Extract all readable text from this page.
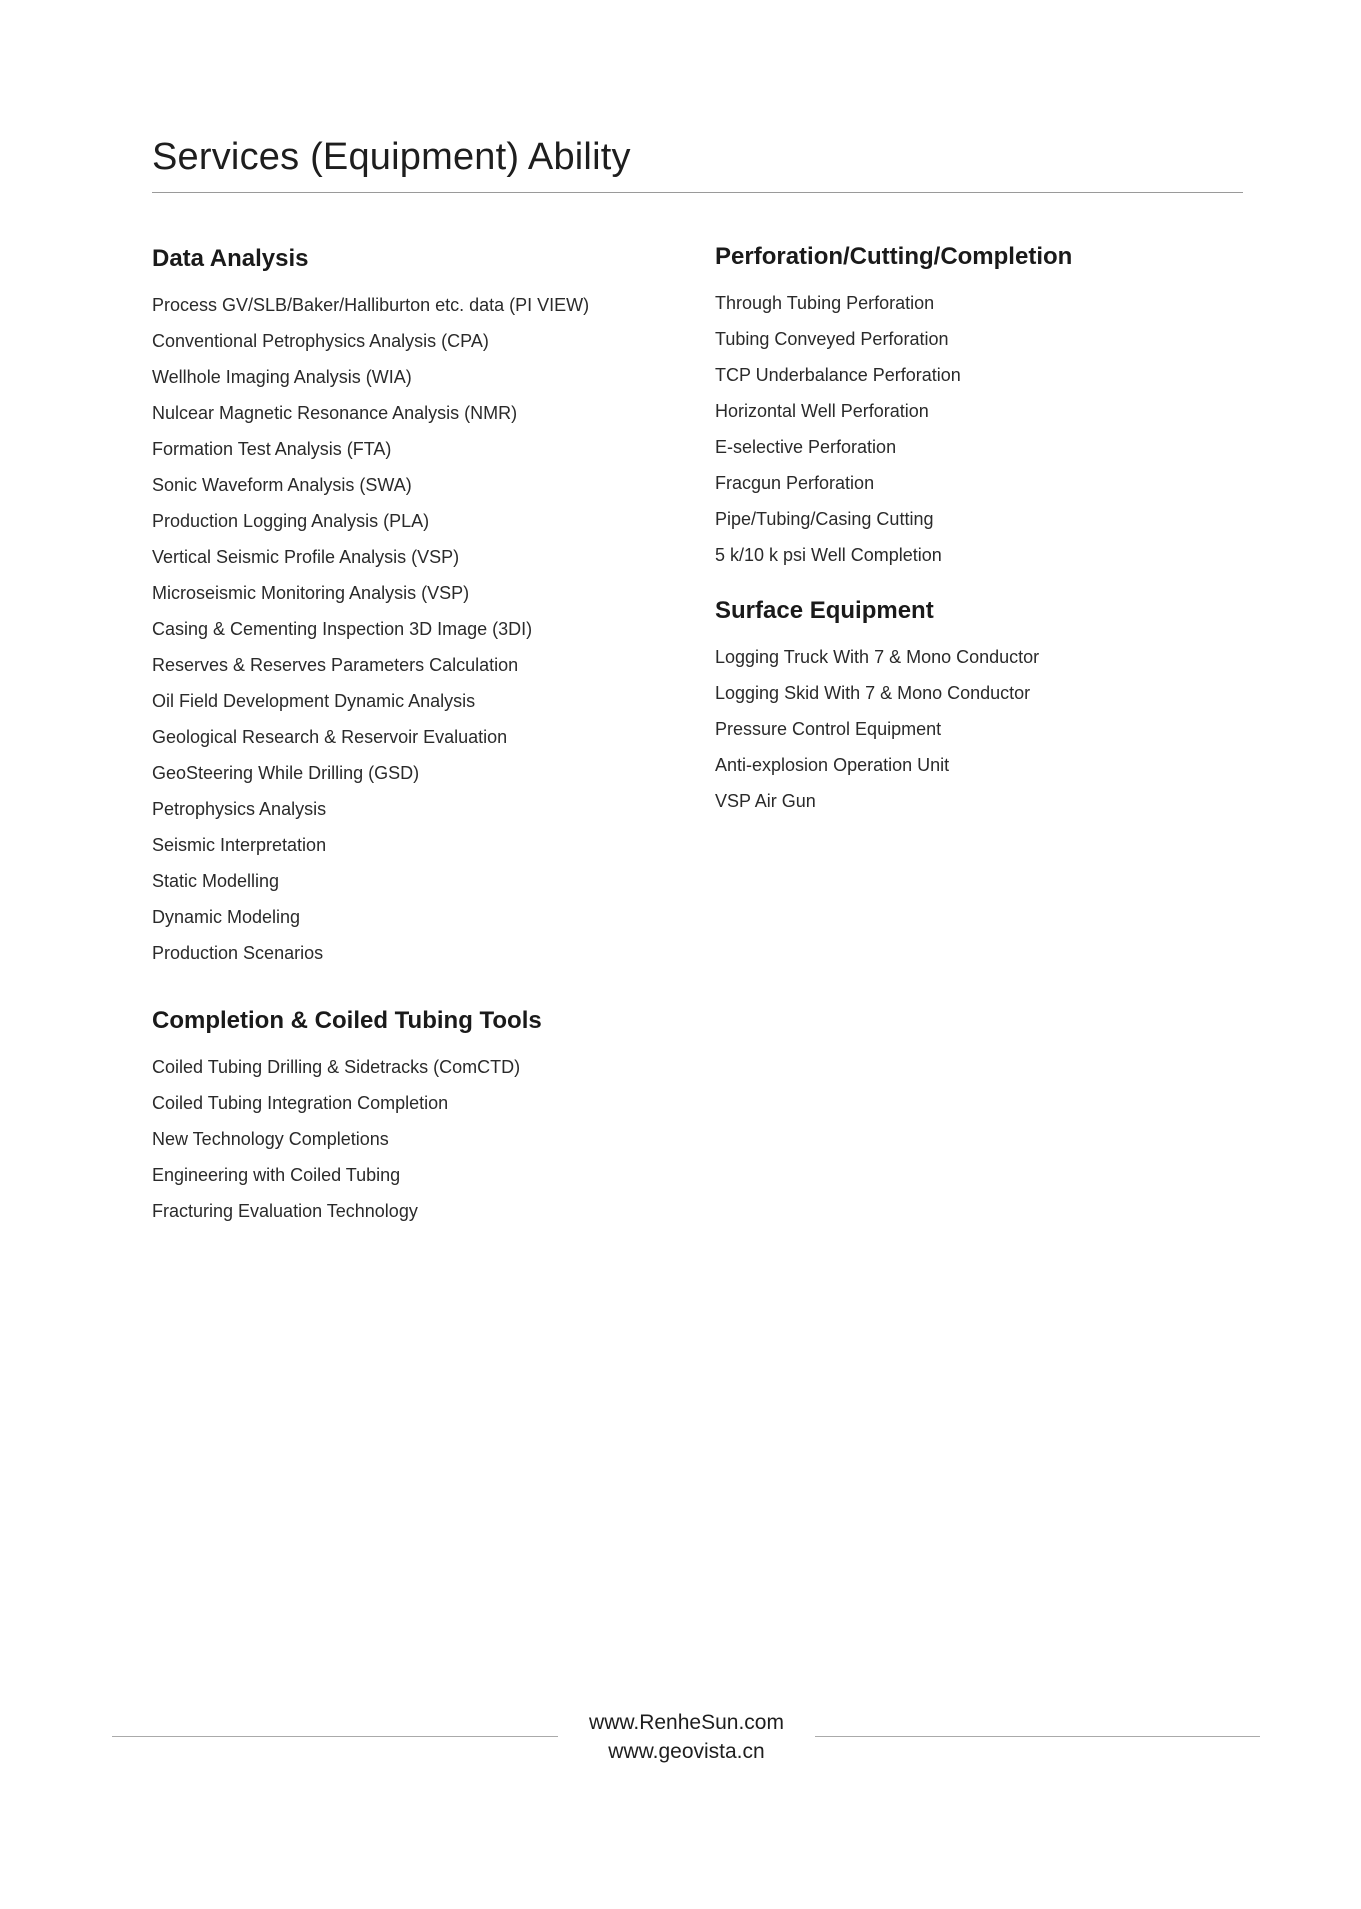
Services (Equipment) Ability
Data Analysis
Process GV/SLB/Baker/Halliburton etc. data (PI VIEW)
Conventional Petrophysics Analysis (CPA)
Wellhole Imaging Analysis (WIA)
Nulcear Magnetic Resonance Analysis (NMR)
Formation Test Analysis (FTA)
Sonic Waveform Analysis (SWA)
Production Logging Analysis (PLA)
Vertical Seismic Profile Analysis (VSP)
Microseismic Monitoring Analysis (VSP)
Casing & Cementing Inspection 3D Image (3DI)
Reserves & Reserves Parameters Calculation
Oil Field Development Dynamic Analysis
Geological Research & Reservoir Evaluation
GeoSteering While Drilling (GSD)
Petrophysics Analysis
Seismic Interpretation
Static Modelling
Dynamic Modeling
Production Scenarios
Completion & Coiled Tubing Tools
Coiled Tubing Drilling & Sidetracks (ComCTD)
Coiled Tubing Integration Completion
New Technology Completions
Engineering with Coiled Tubing
Fracturing Evaluation Technology
Perforation/Cutting/Completion
Through Tubing Perforation
Tubing Conveyed Perforation
TCP Underbalance Perforation
Horizontal Well Perforation
E-selective Perforation
Fracgun Perforation
Pipe/Tubing/Casing Cutting
5 k/10 k psi Well Completion
Surface Equipment
Logging Truck With 7 & Mono Conductor
Logging Skid With 7 & Mono Conductor
Pressure Control Equipment
Anti-explosion Operation Unit
VSP Air Gun
www.RenheSun.com
www.geovista.cn
